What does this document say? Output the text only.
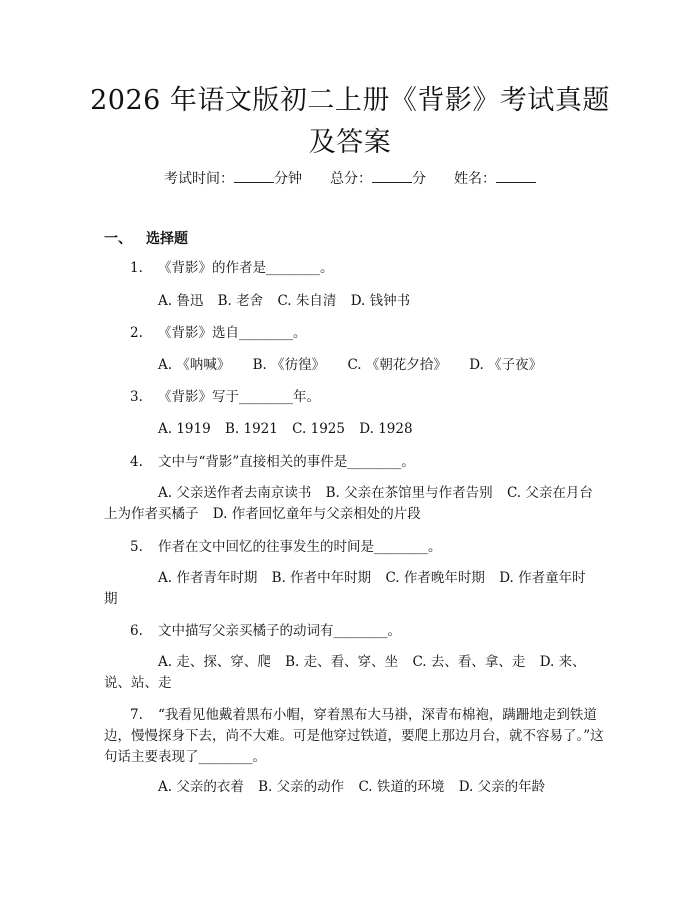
2026 年语文版初二上册《背影》考试真题及答案
考试时间：	分钟 总分：	分 姓名：
一、 选择题
1. 《背影》的作者是________。
A. 鲁迅 B. 老舍 C. 朱自清 D. 钱钟书
2. 《背影》选自________。
A. 《呐喊》 B. 《彷徨》 C. 《朝花夕拾》 D. 《子夜》
3. 《背影》写于________年。
A. 1919 B. 1921 C. 1925 D. 1928
4. 文中与“背影”直接相关的事件是________。
A. 父亲送作者去南京读书 B. 父亲在茶馆里与作者告别 C. 父亲在月台上为作者买橘子 D. 作者回忆童年与父亲相处的片段
5. 作者在文中回忆的往事发生的时间是________。
A. 作者青年时期 B. 作者中年时期 C. 作者晚年时期 D. 作者童年时期
6. 文中描写父亲买橘子的动词有________。
A. 走、探、穿、爬 B. 走、看、穿、坐 C. 去、看、拿、走 D. 来、说、站、走
7. “我看见他戴着黑布小帽，穿着黑布大马褂，深青布棉袍，蹒跚地走到铁道边，慢慢探身下去，尚不大难。可是他穿过铁道，要爬上那边月台，就不容易了。”这句话主要表现了________。
A. 父亲的衣着 B. 父亲的动作 C. 铁道的环境 D. 父亲的年龄
